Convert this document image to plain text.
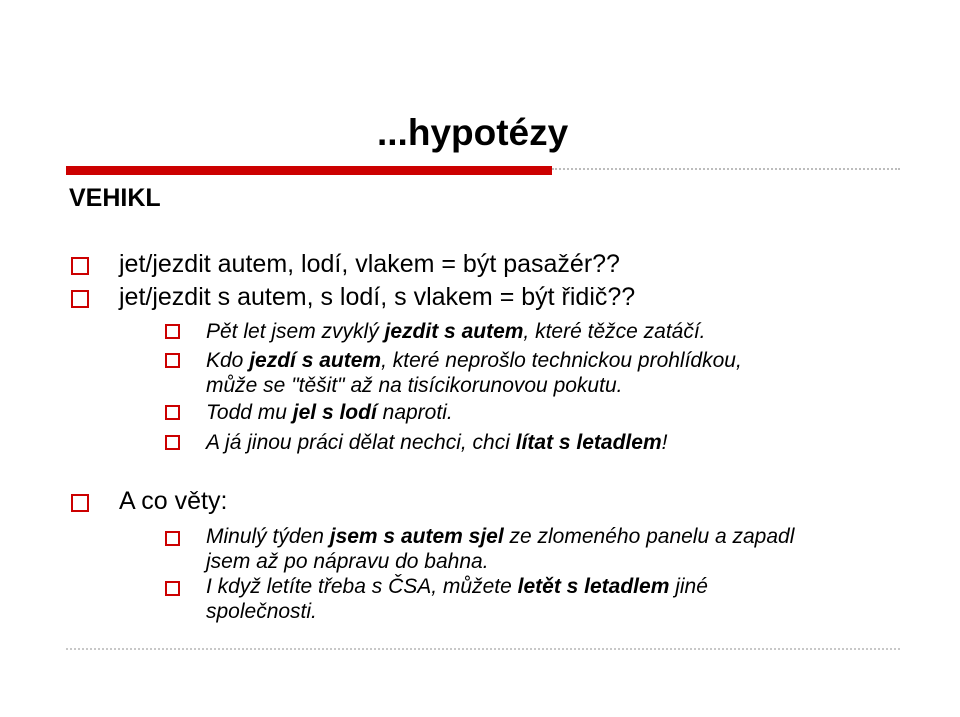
...hypotézy
VEHIKL
jet/jezdit autem, lodí, vlakem = být pasažér??
jet/jezdit s autem, s lodí, s vlakem = být řidič??
Pět let jsem zvyklý jezdit s autem, které těžce zatáčí.
Kdo jezdí s autem, které neprošlo technickou prohlídkou,
může se "těšit" až na tisícikorunovou pokutu.
Todd mu jel s lodí naproti.
A já jinou práci dělat nechci, chci lítat s letadlem!
A co věty:
Minulý týden jsem s autem sjel ze zlomeného panelu a zapadl
jsem až po nápravu do bahna.
I když letíte třeba s ČSA, můžete letět s letadlem jiné
společnosti.
